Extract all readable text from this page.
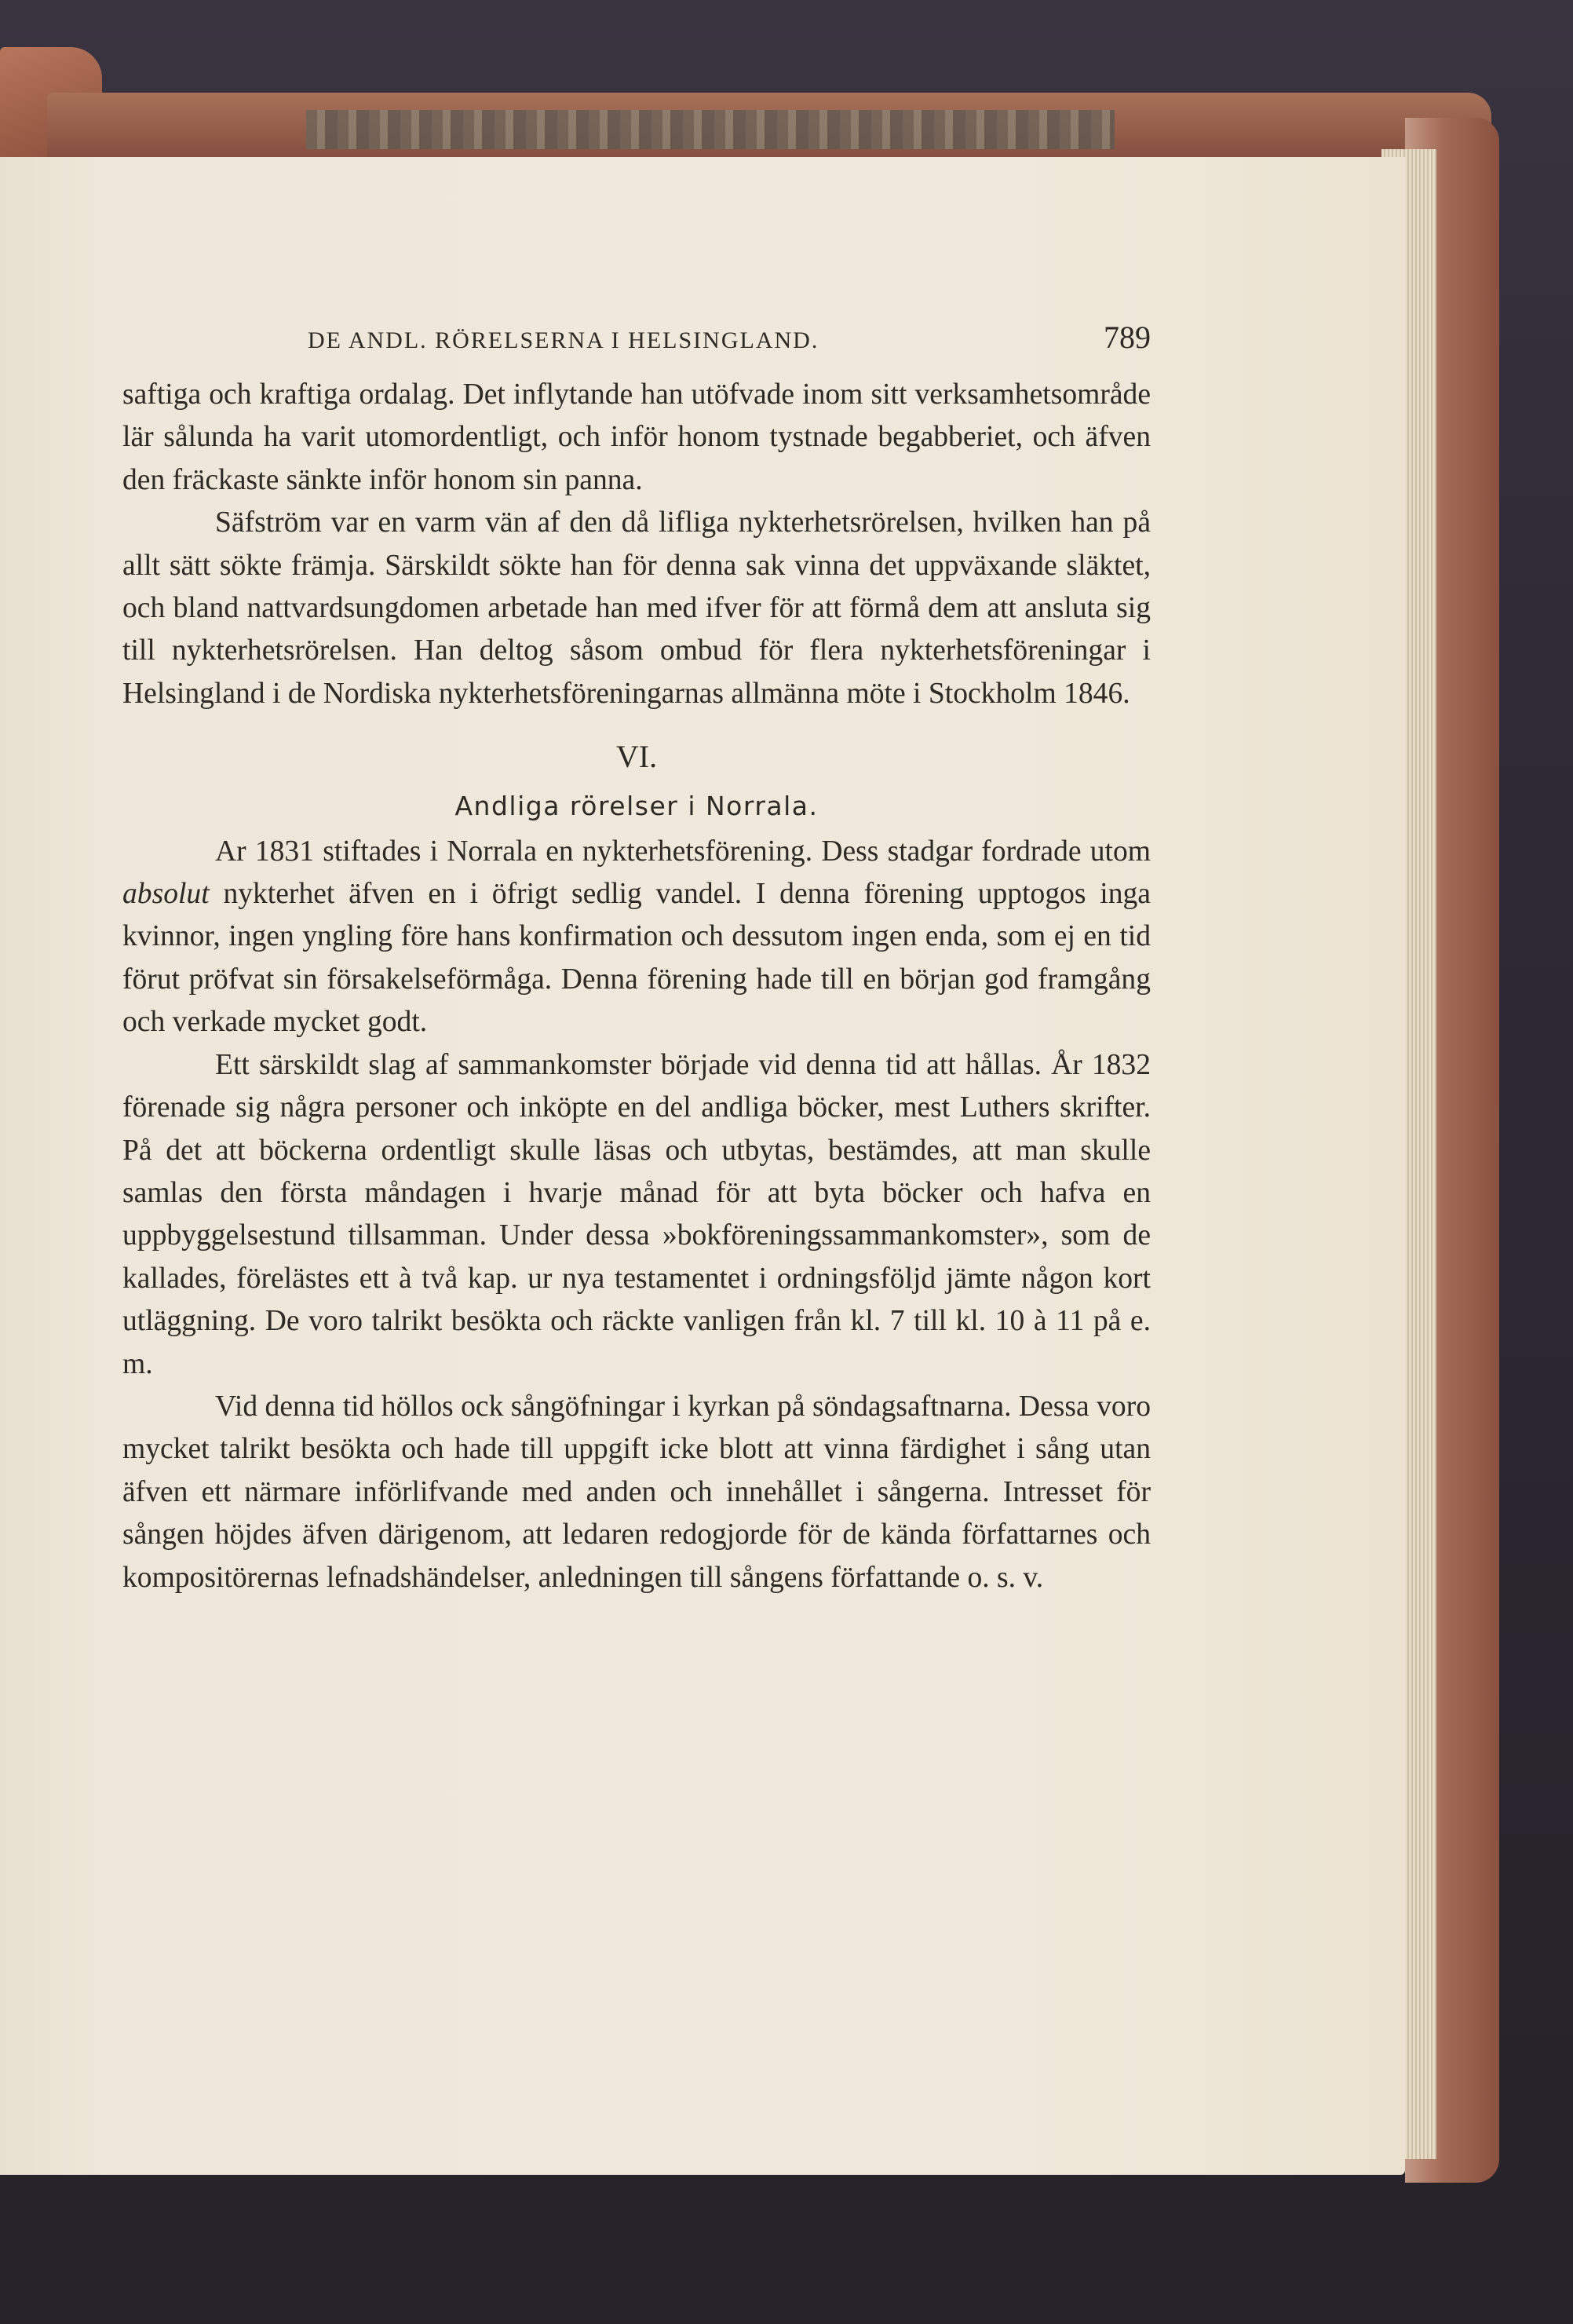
DE ANDL. RÖRELSERNA I HELSINGLAND.	789

saftiga och kraftiga ordalag. Det inflytande han utöfvade inom sitt verksamhetsområde lär sålunda ha varit utomordentligt, och inför honom tystnade begabberiet, och äfven den fräckaste sänkte inför honom sin panna.

Säfström var en varm vän af den då lifliga nykterhetsrörelsen, hvilken han på allt sätt sökte främja. Särskildt sökte han för denna sak vinna det uppväxande släktet, och bland nattvardsungdomen arbetade han med ifver för att förmå dem att ansluta sig till nykterhetsrörelsen. Han deltog såsom ombud för flera nykterhetsföreningar i Helsingland i de Nordiska nykterhetsföreningarnas allmänna möte i Stockholm 1846.

VI.
Andliga rörelser i Norrala.

Ar 1831 stiftades i Norrala en nykterhetsförening. Dess stadgar fordrade utom absolut nykterhet äfven en i öfrigt sedlig vandel. I denna förening upptogos inga kvinnor, ingen yngling före hans konfirmation och dessutom ingen enda, som ej en tid förut pröfvat sin försakelseförmåga. Denna förening hade till en början god framgång och verkade mycket godt.

Ett särskildt slag af sammankomster började vid denna tid att hållas. År 1832 förenade sig några personer och inköpte en del andliga böcker, mest Luthers skrifter. På det att böckerna ordentligt skulle läsas och utbytas, bestämdes, att man skulle samlas den första måndagen i hvarje månad för att byta böcker och hafva en uppbyggelsestund tillsamman. Under dessa »bokföreningssammankomster», som de kallades, förelästes ett à två kap. ur nya testamentet i ordningsföljd jämte någon kort utläggning. De voro talrikt besökta och räckte vanligen från kl. 7 till kl. 10 à 11 på e. m.

Vid denna tid höllos ock sångöfningar i kyrkan på söndagsaftnarna. Dessa voro mycket talrikt besökta och hade till uppgift icke blott att vinna färdighet i sång utan äfven ett närmare införlifvande med anden och innehållet i sångerna. Intresset för sången höjdes äfven därigenom, att ledaren redogjorde för de kända författarnes och kompositörernas lefnadshändelser, anledningen till sångens författande o. s. v.
